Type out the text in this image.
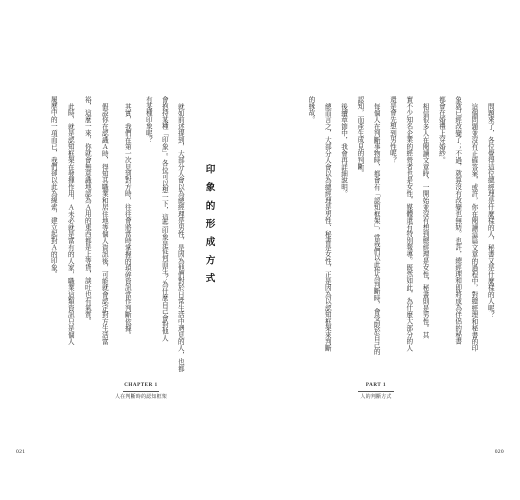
問題來了，各位覺得這位總經理是什麼樣的人，秘書又是什麼樣的人呢？
這個問題並沒有正確答案，或許，你在閱讀這篇文章的過程中，對總經理和秘書的印
象就已經改變了；不過，就算沒有改變也無妨。也許，總經理和即將成為伴侶的秘書
都會在婚禮上穿婚紗。
相信很多人在閱讀文章時，一開始並沒有想到總經理是女性，秘書則是男性。其
實不少知名企業的經營者也是女性，媒體還有特別報導。既然如此，為什麼大部分的人
還是會先想到男性呢？
每個人在判斷事物時，都會有「認知框架」，當我們以此作為判斷時，會受限於自己的
認知，而產生成見的判斷。
後續章節中，我會再詳細說明。
總而言之，大部分人會以為總經理是男性、秘書是女性，正是因為以認知框架來判斷
的緣故。
PART 1
人的判斷方式
020
印象的形成方式
就如前述提到，大部分人會以為總經理是男性，是因為他們對於日常生活中遇見的人，也都
會抱持某種「印象」。各位可以想一下，這些印象是從何而生？為什麼自己會對他人
有某種印象呢？
其實，我們在第一次見到對方時，往往會將當時掌握的瑣碎資訊當作判斷依據。
假設你在認識Ａ時，得知其職業和居住地等個人資訊後，可能就會認定對方生活富
裕，這麼一來，你就會無意識地認為Ａ用的東西都是上等貨，談吐也有氣質。
此時，就是認知框架在發揮作用，Ａ未必就是富有的人家，職業這類資訊只是個人
履歷中的一項而已，我們卻以此為線索，建立起對Ａ的印象。
CHAPTER 1
人在判斷時的認知框架
021
